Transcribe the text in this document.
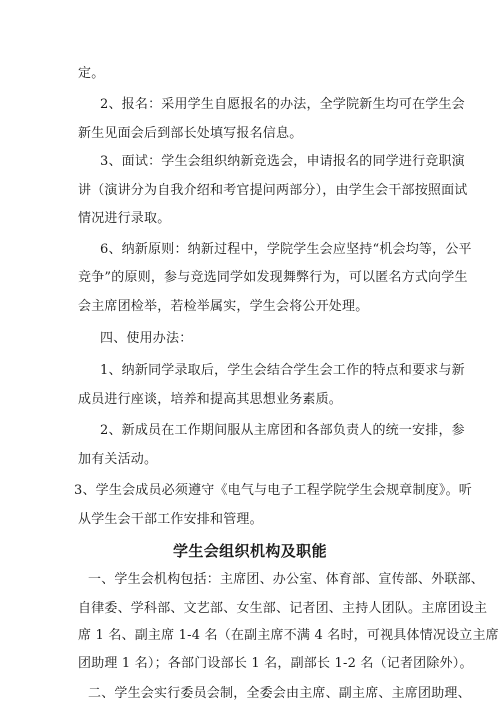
定。
2、报名：采用学生自愿报名的办法，全学院新生均可在学生会
新生见面会后到部长处填写报名信息。
3、面试：学生会组织纳新竞选会，申请报名的同学进行竞职演
讲（演讲分为自我介绍和考官提问两部分），由学生会干部按照面试
情况进行录取。
6、纳新原则：纳新过程中，学院学生会应坚持“机会均等，公平
竞争”的原则，参与竞选同学如发现舞弊行为，可以匿名方式向学生
会主席团检举，若检举属实，学生会将公开处理。
四、使用办法：
1、纳新同学录取后，学生会结合学生会工作的特点和要求与新
成员进行座谈，培养和提高其思想业务素质。
2、新成员在工作期间服从主席团和各部负责人的统一安排，参
加有关活动。
3、学生会成员必须遵守《电气与电子工程学院学生会规章制度》。听
从学生会干部工作安排和管理。
学生会组织机构及职能
一、学生会机构包括：主席团、办公室、体育部、宣传部、外联部、
自律委、学科部、文艺部、女生部、记者团、主持人团队。主席团设主
席 1 名、副主席 1-4 名（在副主席不满 4 名时，可视具体情况设立主席
团助理 1 名）；各部门设部长 1 名，副部长 1-2 名（记者团除外）。
二、学生会实行委员会制，全委会由主席、副主席、主席团助理、
